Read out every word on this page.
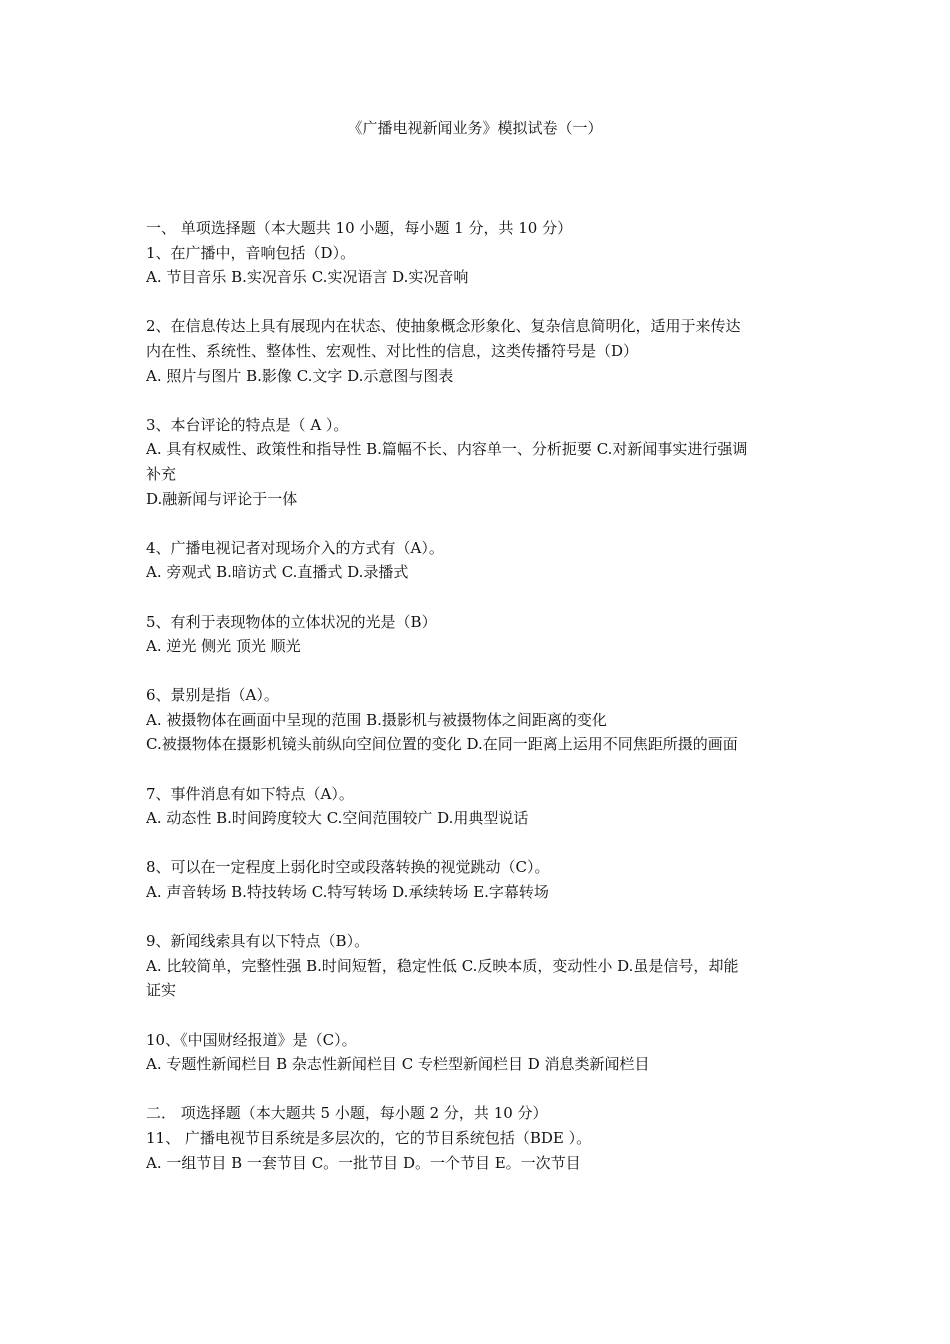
《广播电视新闻业务》模拟试卷（一）
一、 单项选择题（本大题共 10 小题，每小题 1 分，共 10 分）
1、在广播中，音响包括（D）。
A. 节目音乐 B.实况音乐 C.实况语言 D.实况音响
2、在信息传达上具有展现内在状态、使抽象概念形象化、复杂信息简明化，适用于来传达
内在性、系统性、整体性、宏观性、对比性的信息，这类传播符号是（D）
A. 照片与图片 B.影像 C.文字 D.示意图与图表
3、本台评论的特点是（ A ）。
A. 具有权威性、政策性和指导性 B.篇幅不长、内容单一、分析扼要 C.对新闻事实进行强调
补充
D.融新闻与评论于一体
4、广播电视记者对现场介入的方式有（A）。
A. 旁观式 B.暗访式 C.直播式 D.录播式
5、有利于表现物体的立体状况的光是（B）
A. 逆光 侧光 顶光 顺光
6、景别是指（A）。
A. 被摄物体在画面中呈现的范围 B.摄影机与被摄物体之间距离的变化
C.被摄物体在摄影机镜头前纵向空间位置的变化 D.在同一距离上运用不同焦距所摄的画面
7、事件消息有如下特点（A）。
A. 动态性 B.时间跨度较大 C.空间范围较广 D.用典型说话
8、可以在一定程度上弱化时空或段落转换的视觉跳动（C）。
A. 声音转场 B.特技转场 C.特写转场 D.承续转场 E.字幕转场
9、新闻线索具有以下特点（B）。
A. 比较简单，完整性强 B.时间短暂，稳定性低 C.反映本质，变动性小 D.虽是信号，却能
证实
10、《中国财经报道》是（C）。
A. 专题性新闻栏目 B 杂志性新闻栏目 C 专栏型新闻栏目 D 消息类新闻栏目
二． 项选择题（本大题共 5 小题，每小题 2 分，共 10 分）
11、 广播电视节目系统是多层次的，它的节目系统包括（BDE ）。
A. 一组节目 B 一套节目 C。一批节目 D。一个节目 E。一次节目
